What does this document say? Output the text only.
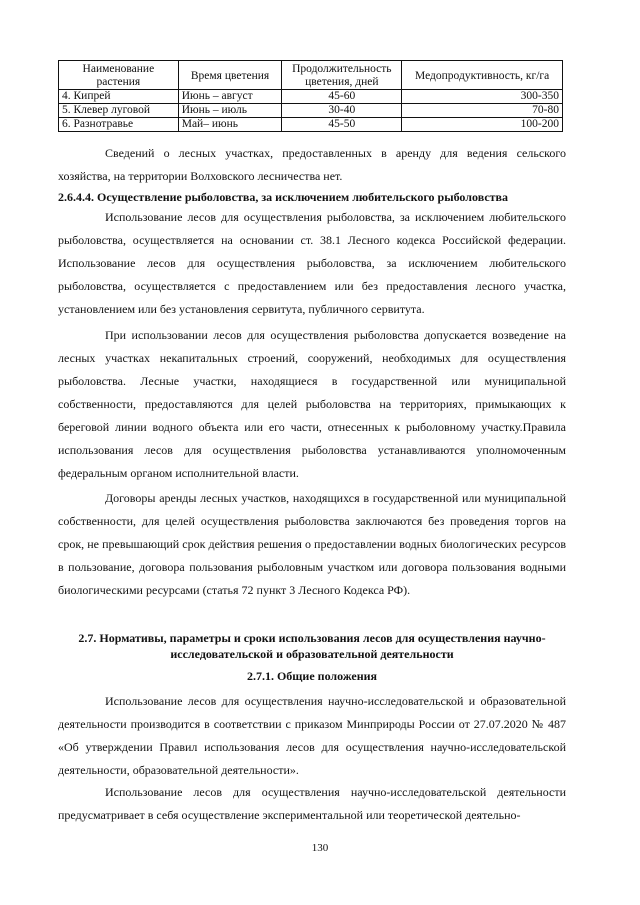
Наименование растения	Время цветения	Продолжительность цветения, дней	Медопродуктивность, кг/га
4. Кипрей	Июнь – август	45-60	300-350
5. Клевер луговой	Июнь – июль	30-40	70-80
6. Разнотравье	Май– июнь	45-50	100-200

Сведений о лесных участках, предоставленных в аренду для ведения сельского хозяйства, на территории Волховского лесничества нет.

2.6.4.4. Осуществление рыболовства, за исключением любительского рыболовства

Использование лесов для осуществления рыболовства, за исключением любительского рыболовства, осуществляется на основании ст. 38.1 Лесного кодекса Российской федерации. Использование лесов для осуществления рыболовства, за исключением любительского рыболовства, осуществляется с предоставлением или без предоставления лесного участка, установлением или без установления сервитута, публичного сервитута.

При использовании лесов для осуществления рыболовства допускается возведение на лесных участках некапитальных строений, сооружений, необходимых для осуществления рыболовства. Лесные участки, находящиеся в государственной или муниципальной собственности, предоставляются для целей рыболовства на территориях, примыкающих к береговой линии водного объекта или его части, отнесенных к рыболовному участку.Правила использования лесов для осуществления рыболовства устанавливаются уполномоченным федеральным органом исполнительной власти.

Договоры аренды лесных участков, находящихся в государственной или муниципальной собственности, для целей осуществления рыболовства заключаются без проведения торгов на срок, не превышающий срок действия решения о предоставлении водных биологических ресурсов в пользование, договора пользования рыболовным участком или договора пользования водными биологическими ресурсами (статья 72 пункт 3 Лесного Кодекса РФ).

2.7. Нормативы, параметры и сроки использования лесов для осуществления научно-исследовательской и образовательной деятельности

2.7.1. Общие положения

Использование лесов для осуществления научно-исследовательской и образовательной деятельности производится в соответствии с приказом Минприроды России от 27.07.2020 № 487 «Об утверждении Правил использования лесов для осуществления научно-исследовательской деятельности, образовательной деятельности».

Использование лесов для осуществления научно-исследовательской деятельности предусматривает в себя осуществление экспериментальной или теоретической деятельно-

130
